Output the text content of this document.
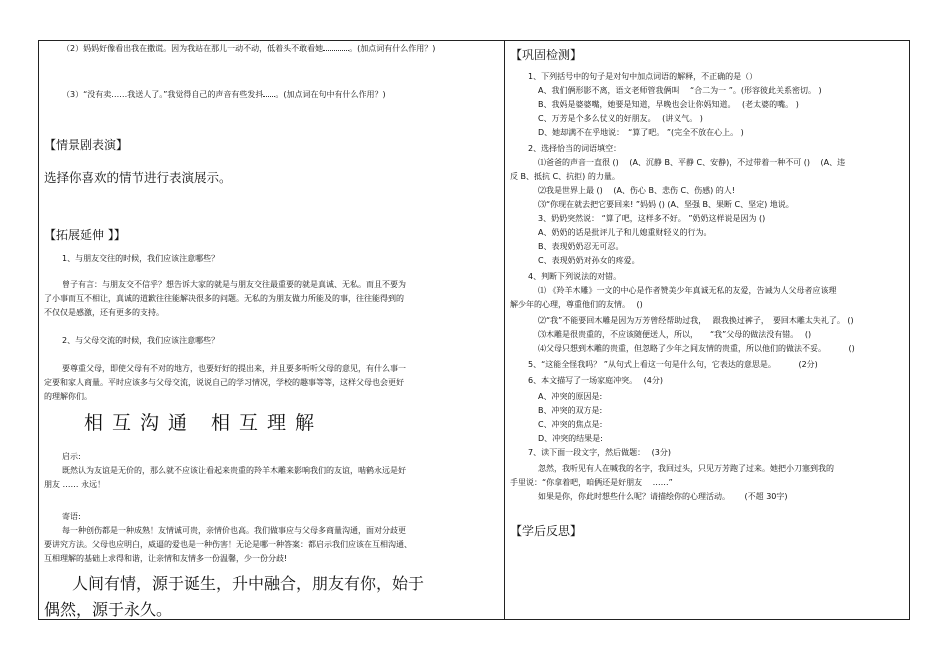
（2）妈妈好像看出我在撒谎。因为我站在那儿一动不动，低着头不敢看她	。(加点词有什么作用？)
（3）“没有卖……我送人了。”我觉得自己的声音有些发抖 。(加点词在句中有什么作用？)
【情景剧表演】
选择你喜欢的情节进行表演展示。
【拓展延伸 】】
1、与朋友交往的时候，我们应该注意哪些？
曾子有言：与朋友交不信乎？想告诉大家的就是与朋友交往最重要的就是真诚、无私。而且不要为
了小事而互不相让，真诚的道歉往往能解决很多的问题。无私的为朋友做力所能及的事，往往能得到的
不仅仅是感激，还有更多的支持。
2、与父母交流的时候，我们应该注意哪些？
要尊重父母，即使父母有不对的地方，也要好好的提出来，并且要多听听父母的意见，有什么事一
定要和家人商量。平时应该多与父母交流，说说自己的学习情况，学校的趣事等等，这样父母也会更好
的理解你们。
相互沟通 相互理解
启示:
既然认为友谊是无价的，那么就不应该让看起来贵重的羚羊木雕来影响我们的友谊，啮鹤永远是好
朋友 …… 永远！
寄语:
每一种创伤都是一种成熟！友情诚可贵，亲情价也高。我们做事应与父母多商量沟通，面对分歧更
要讲究方法。父母也应明白，威逼的爱也是一种伤害！无论是哪一种答案：都启示我们应该在互相沟通、
互相理解的基础上求得和谐，让亲情和友情多一份温馨，少一份分歧!
人间有情，源于诞生，升中融合，朋友有你，始于
偶然，源于永久。
【巩固检测】
1、下列括号中的句子是对句中加点词语的解释，不正确的是（）
A、我们俩形影不离，语文老师管我俩叫　 “合二为一 ”。(形容彼此关系密切。 )
B、我妈是婆婆嘴，她要是知道，早晚也会让你妈知道。　 (老太婆的嘴。 )
C、万芳是个多么仗义的好朋友。　 (讲义气。 )
D、她却满不在乎地说：　“算了吧。 ”(完全不放在心上。 )
2、选择恰当的词语填空：
⑴爸爸的声音一直很 ()　 (A、沉静 B、平静 C、安静)，不过带着一种不可 ()　 (A、违
反 B、抵抗 C、抗拒) 的力量。
⑵我是世界上最 ()　 (A、伤心 B、悲伤 C、伤感) 的人!
⑶“你现在就去把它要回来! ”妈妈 () (A、坚强 B、果断 C、坚定) 地说。
3、奶奶突然说： “算了吧，这样多不好。 ”奶奶这样说是因为 ()
A、奶奶的话是批评儿子和儿媳重财轻义的行为。
B、表现奶奶忍无可忍。
C、表现奶奶对孙女的疼爱。
4、判断下列说法的对错。
⑴ 《羚羊木雕》一文的中心是作者赞美少年真诚无私的友爱，告诫为人父母者应该理
解少年的心理，尊重他们的友情。　 ()
⑵“我”不能要回木雕是因为万芳曾经帮助过我，　 跟我换过裤子，　要回木雕太失礼了。 ()
⑶木雕是很贵重的，不应该随便送人，所以，　　“我”父母的做法没有错。　 ()
⑷父母只想到木雕的贵重，但忽略了少年之间友情的贵重，所以他们的做法不妥。　　　 ()
5、“这能全怪我吗？ ”从句式上看这一句是什么句，它表达的意思是。　　　 (2分)
6、本文描写了一场家庭冲突。　 (4分)
A、冲突的原因是:
B、冲突的双方是:
C、冲突的焦点是:
D、冲突的结果是:
7、读下面一段文字，然后做题：　 (3分)
忽然，我听见有人在喊我的名字，我回过头，只见万芳跑了过来。她把小刀塞到我的
手里说：“你拿着吧，咱俩还是好朋友　 ……”
如果是你，你此时想些什么呢？请描绘你的心理活动。　　 (不超 30字)
【学后反思】
